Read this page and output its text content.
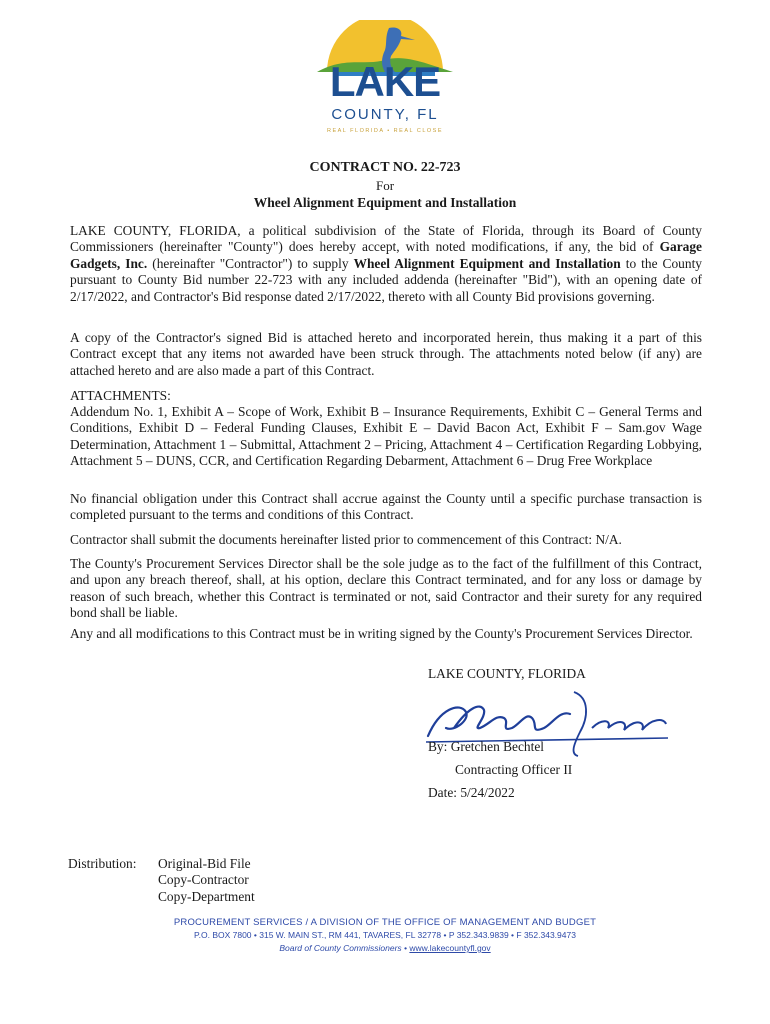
LAKE
COUNTY, FL
REAL FLORIDA • REAL CLOSE
CONTRACT NO. 22-723
For
Wheel Alignment Equipment and Installation

LAKE COUNTY, FLORIDA, a political subdivision of the State of Florida, through its Board of County Commissioners (hereinafter "County") does hereby accept, with noted modifications, if any, the bid of Garage Gadgets, Inc. (hereinafter "Contractor") to supply Wheel Alignment Equipment and Installation to the County pursuant to County Bid number 22-723 with any included addenda (hereinafter "Bid"), with an opening date of 2/17/2022, and Contractor's Bid response dated 2/17/2022, thereto with all County Bid provisions governing.

A copy of the Contractor's signed Bid is attached hereto and incorporated herein, thus making it a part of this Contract except that any items not awarded have been struck through. The attachments noted below (if any) are attached hereto and are also made a part of this Contract.

ATTACHMENTS:

Addendum No. 1, Exhibit A – Scope of Work, Exhibit B – Insurance Requirements, Exhibit C – General Terms and Conditions, Exhibit D – Federal Funding Clauses, Exhibit E – David Bacon Act, Exhibit F – Sam.gov Wage Determination, Attachment 1 – Submittal, Attachment 2 – Pricing, Attachment 4 – Certification Regarding Lobbying, Attachment 5 – DUNS, CCR, and Certification Regarding Debarment, Attachment 6 – Drug Free Workplace

No financial obligation under this Contract shall accrue against the County until a specific purchase transaction is completed pursuant to the terms and conditions of this Contract.

Contractor shall submit the documents hereinafter listed prior to commencement of this Contract: N/A.

The County's Procurement Services Director shall be the sole judge as to the fact of the fulfillment of this Contract, and upon any breach thereof, shall, at his option, declare this Contract terminated, and for any loss or damage by reason of such breach, whether this Contract is terminated or not, said Contractor and their surety for any required bond shall be liable.

Any and all modifications to this Contract must be in writing signed by the County's Procurement Services Director.

LAKE COUNTY, FLORIDA
By: Gretchen Bechtel
Contracting Officer II
Date: 5/24/2022
Distribution: Original-Bid File
Copy-Contractor
Copy-Department
PROCUREMENT SERVICES / A DIVISION OF THE OFFICE OF MANAGEMENT AND BUDGET
P.O. BOX 7800 • 315 W. MAIN ST., RM 441, TAVARES, FL 32778 • P 352.343.9839 • F 352.343.9473
Board of County Commissioners • www.lakecountyfl.gov
